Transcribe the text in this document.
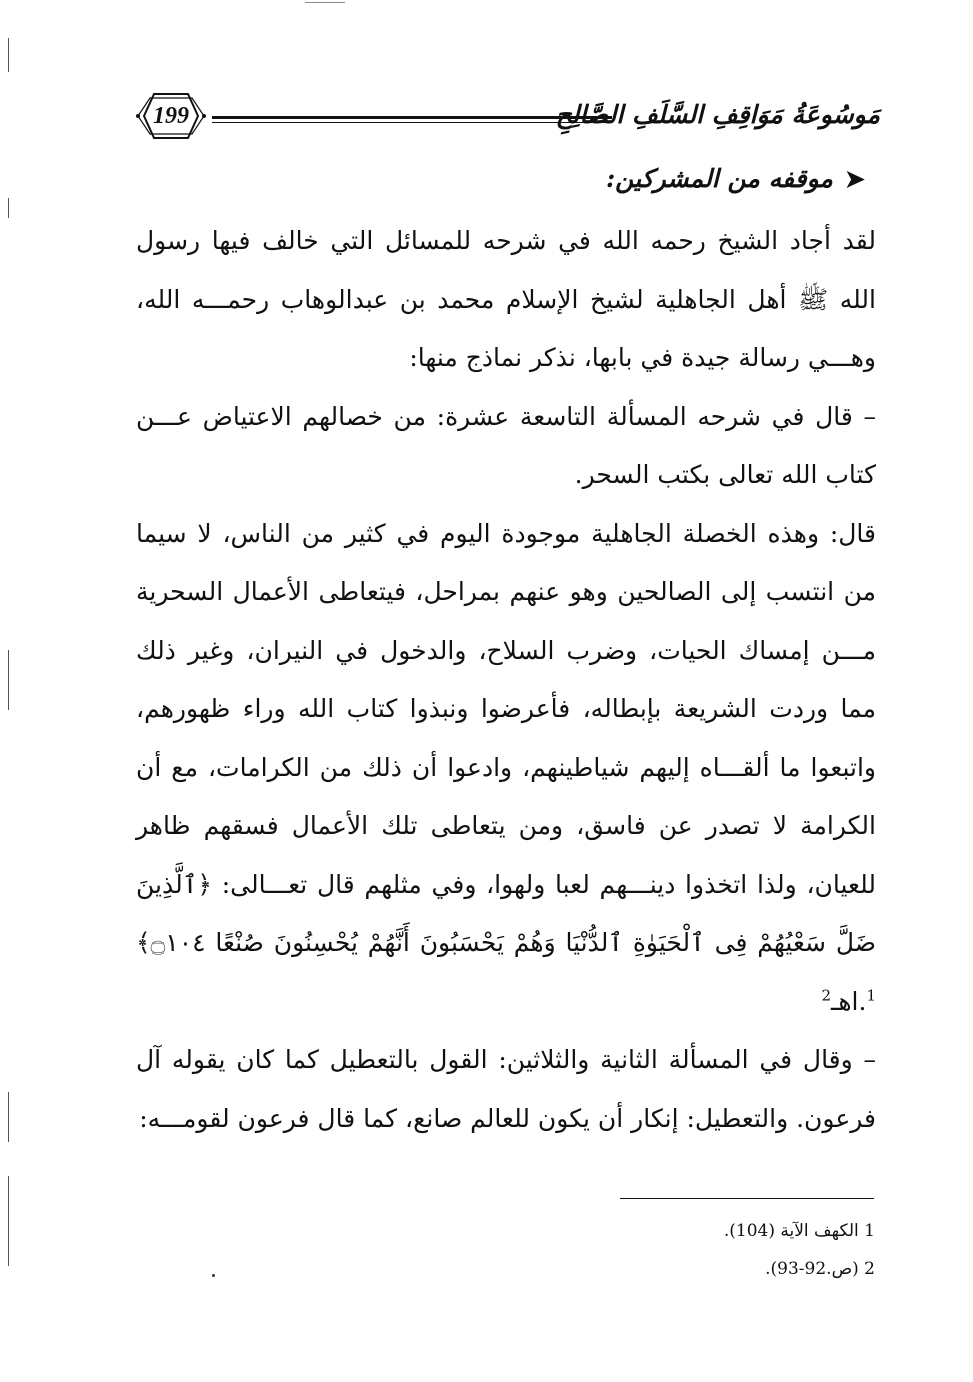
199	مَوسُوعَةُ مَوَاقِفِ السَّلَفِ الصَّالِحِ
➤
موقفه من المشركين:

لقد أجاد الشيخ رحمه الله في شرحه للمسائل التي خالف فيها رسول الله ﷺ أهل الجاهلية لشيخ الإسلام محمد بن عبدالوهاب رحمـــه الله، وهـــي رسالة جيدة في بابها، نذكر نماذج منها:

– قال في شرحه المسألة التاسعة عشرة: من خصالهم الاعتياض عـــن كتاب الله تعالى بكتب السحر.

قال: وهذه الخصلة الجاهلية موجودة اليوم في كثير من الناس، لا سيما من انتسب إلى الصالحين وهو عنهم بمراحل، فيتعاطى الأعمال السحرية مـــن إمساك الحيات، وضرب السلاح، والدخول في النيران، وغير ذلك مما وردت الشريعة بإبطاله، فأعرضوا ونبذوا كتاب الله وراء ظهورهم، واتبعوا ما ألقـــاه إليهم شياطينهم، وادعوا أن ذلك من الكرامات، مع أن الكرامة لا تصدر عن فاسق، ومن يتعاطى تلك الأعمال فسقهم ظاهر للعيان، ولذا اتخذوا دينـــهم لعبا ولهوا، وفي مثلهم قال تعـــالى: ﴿ٱلَّذِينَ ضَلَّ سَعْيُهُمْ فِى ٱلْحَيَوٰةِ ٱلدُّنْيَا وَهُمْ يَحْسَبُونَ أَنَّهُمْ يُحْسِنُونَ صُنْعًا ۝١٠٤﴾$^1$.اهـ$^2$

– وقال في المسألة الثانية والثلاثين: القول بالتعطيل كما كان يقوله آل فرعون. والتعطيل: إنكار أن يكون للعالم صانع، كما قال فرعون لقومـــه:

1 الكهف الآية (104).
2 (ص.92-93).
